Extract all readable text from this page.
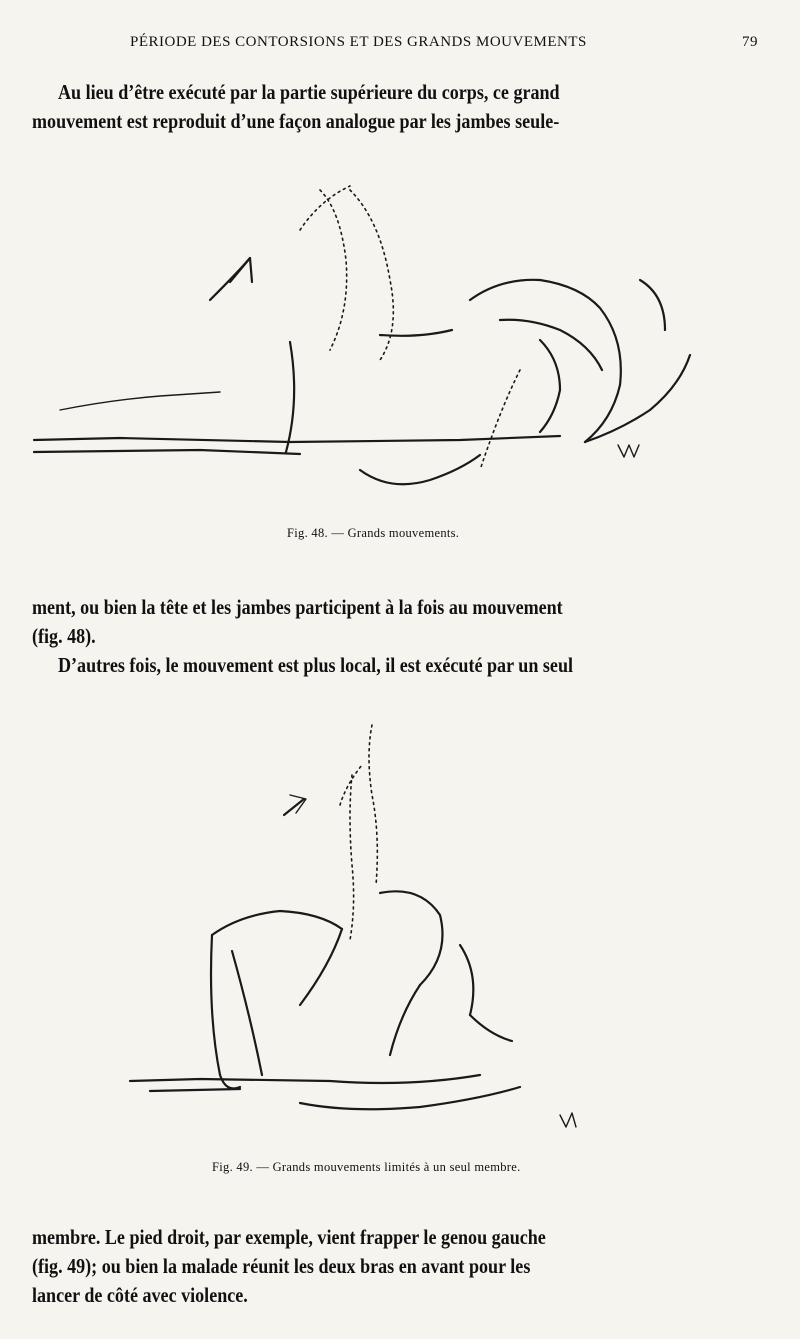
PÉRIODE DES CONTORSIONS ET DES GRANDS MOUVEMENTS	79
Au lieu d’être exécuté par la partie supérieure du corps, ce grand
mouvement est reproduit d’une façon analogue par les jambes seule-
Fig. 48. — Grands mouvements.
ment, ou bien la tête et les jambes participent à la fois au mouvement
(fig. 48).
D’autres fois, le mouvement est plus local, il est exécuté par un seul
Fig. 49. — Grands mouvements limités à un seul membre.
membre. Le pied droit, par exemple, vient frapper le genou gauche
(fig. 49); ou bien la malade réunit les deux bras en avant pour les
lancer de côté avec violence.
